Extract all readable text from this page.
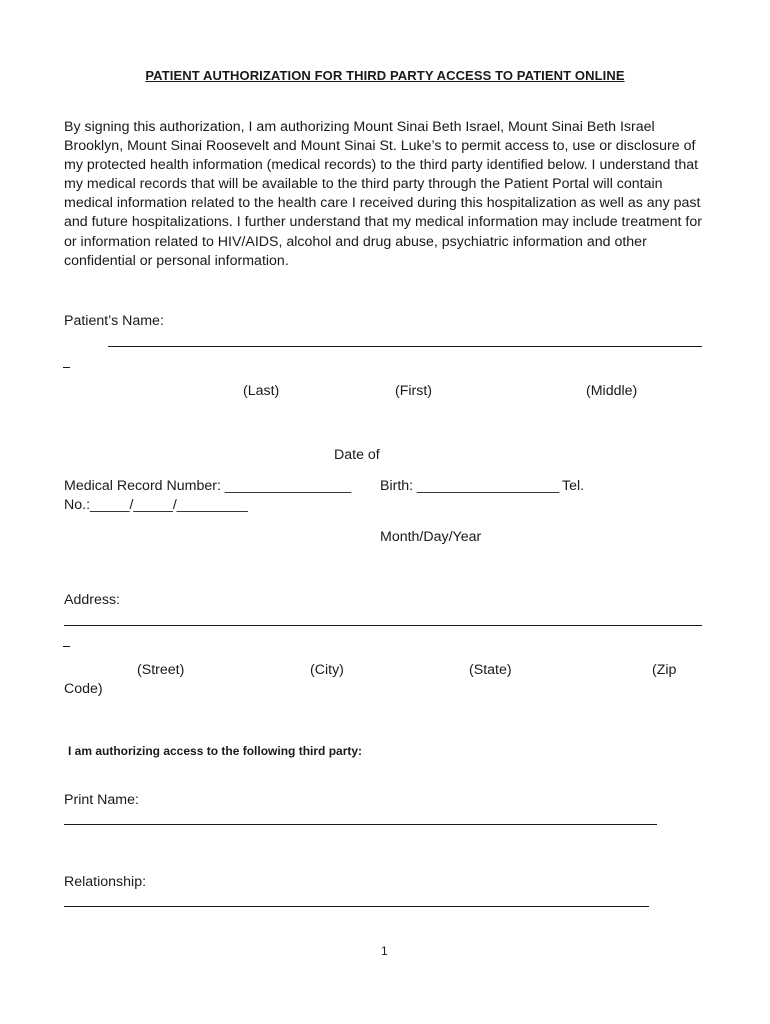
PATIENT AUTHORIZATION FOR THIRD PARTY ACCESS TO PATIENT ONLINE
By signing this authorization, I am authorizing Mount Sinai Beth Israel, Mount Sinai Beth Israel Brooklyn, Mount Sinai Roosevelt and Mount Sinai St. Luke’s to permit access to, use or disclosure of my protected health information (medical records) to the third party identified below. I understand that my medical records that will be available to the third party through the Patient Portal will contain medical information related to the health care I received during this hospitalization as well as any past and future hospitalizations. I further understand that my medical information may include treatment for or information related to HIV/AIDS, alcohol and drug abuse, psychiatric information and other confidential or personal information.
Patient’s Name:
(Last)	(First)	(Middle)
Date of
Medical Record Number: ________________ Birth: __________________ Tel.
No.:_____/_____/_________
Month/Day/Year
Address:
(Street)	(City)	(State)	(Zip
Code)
I am authorizing access to the following third party:
Print Name:
Relationship:
1
